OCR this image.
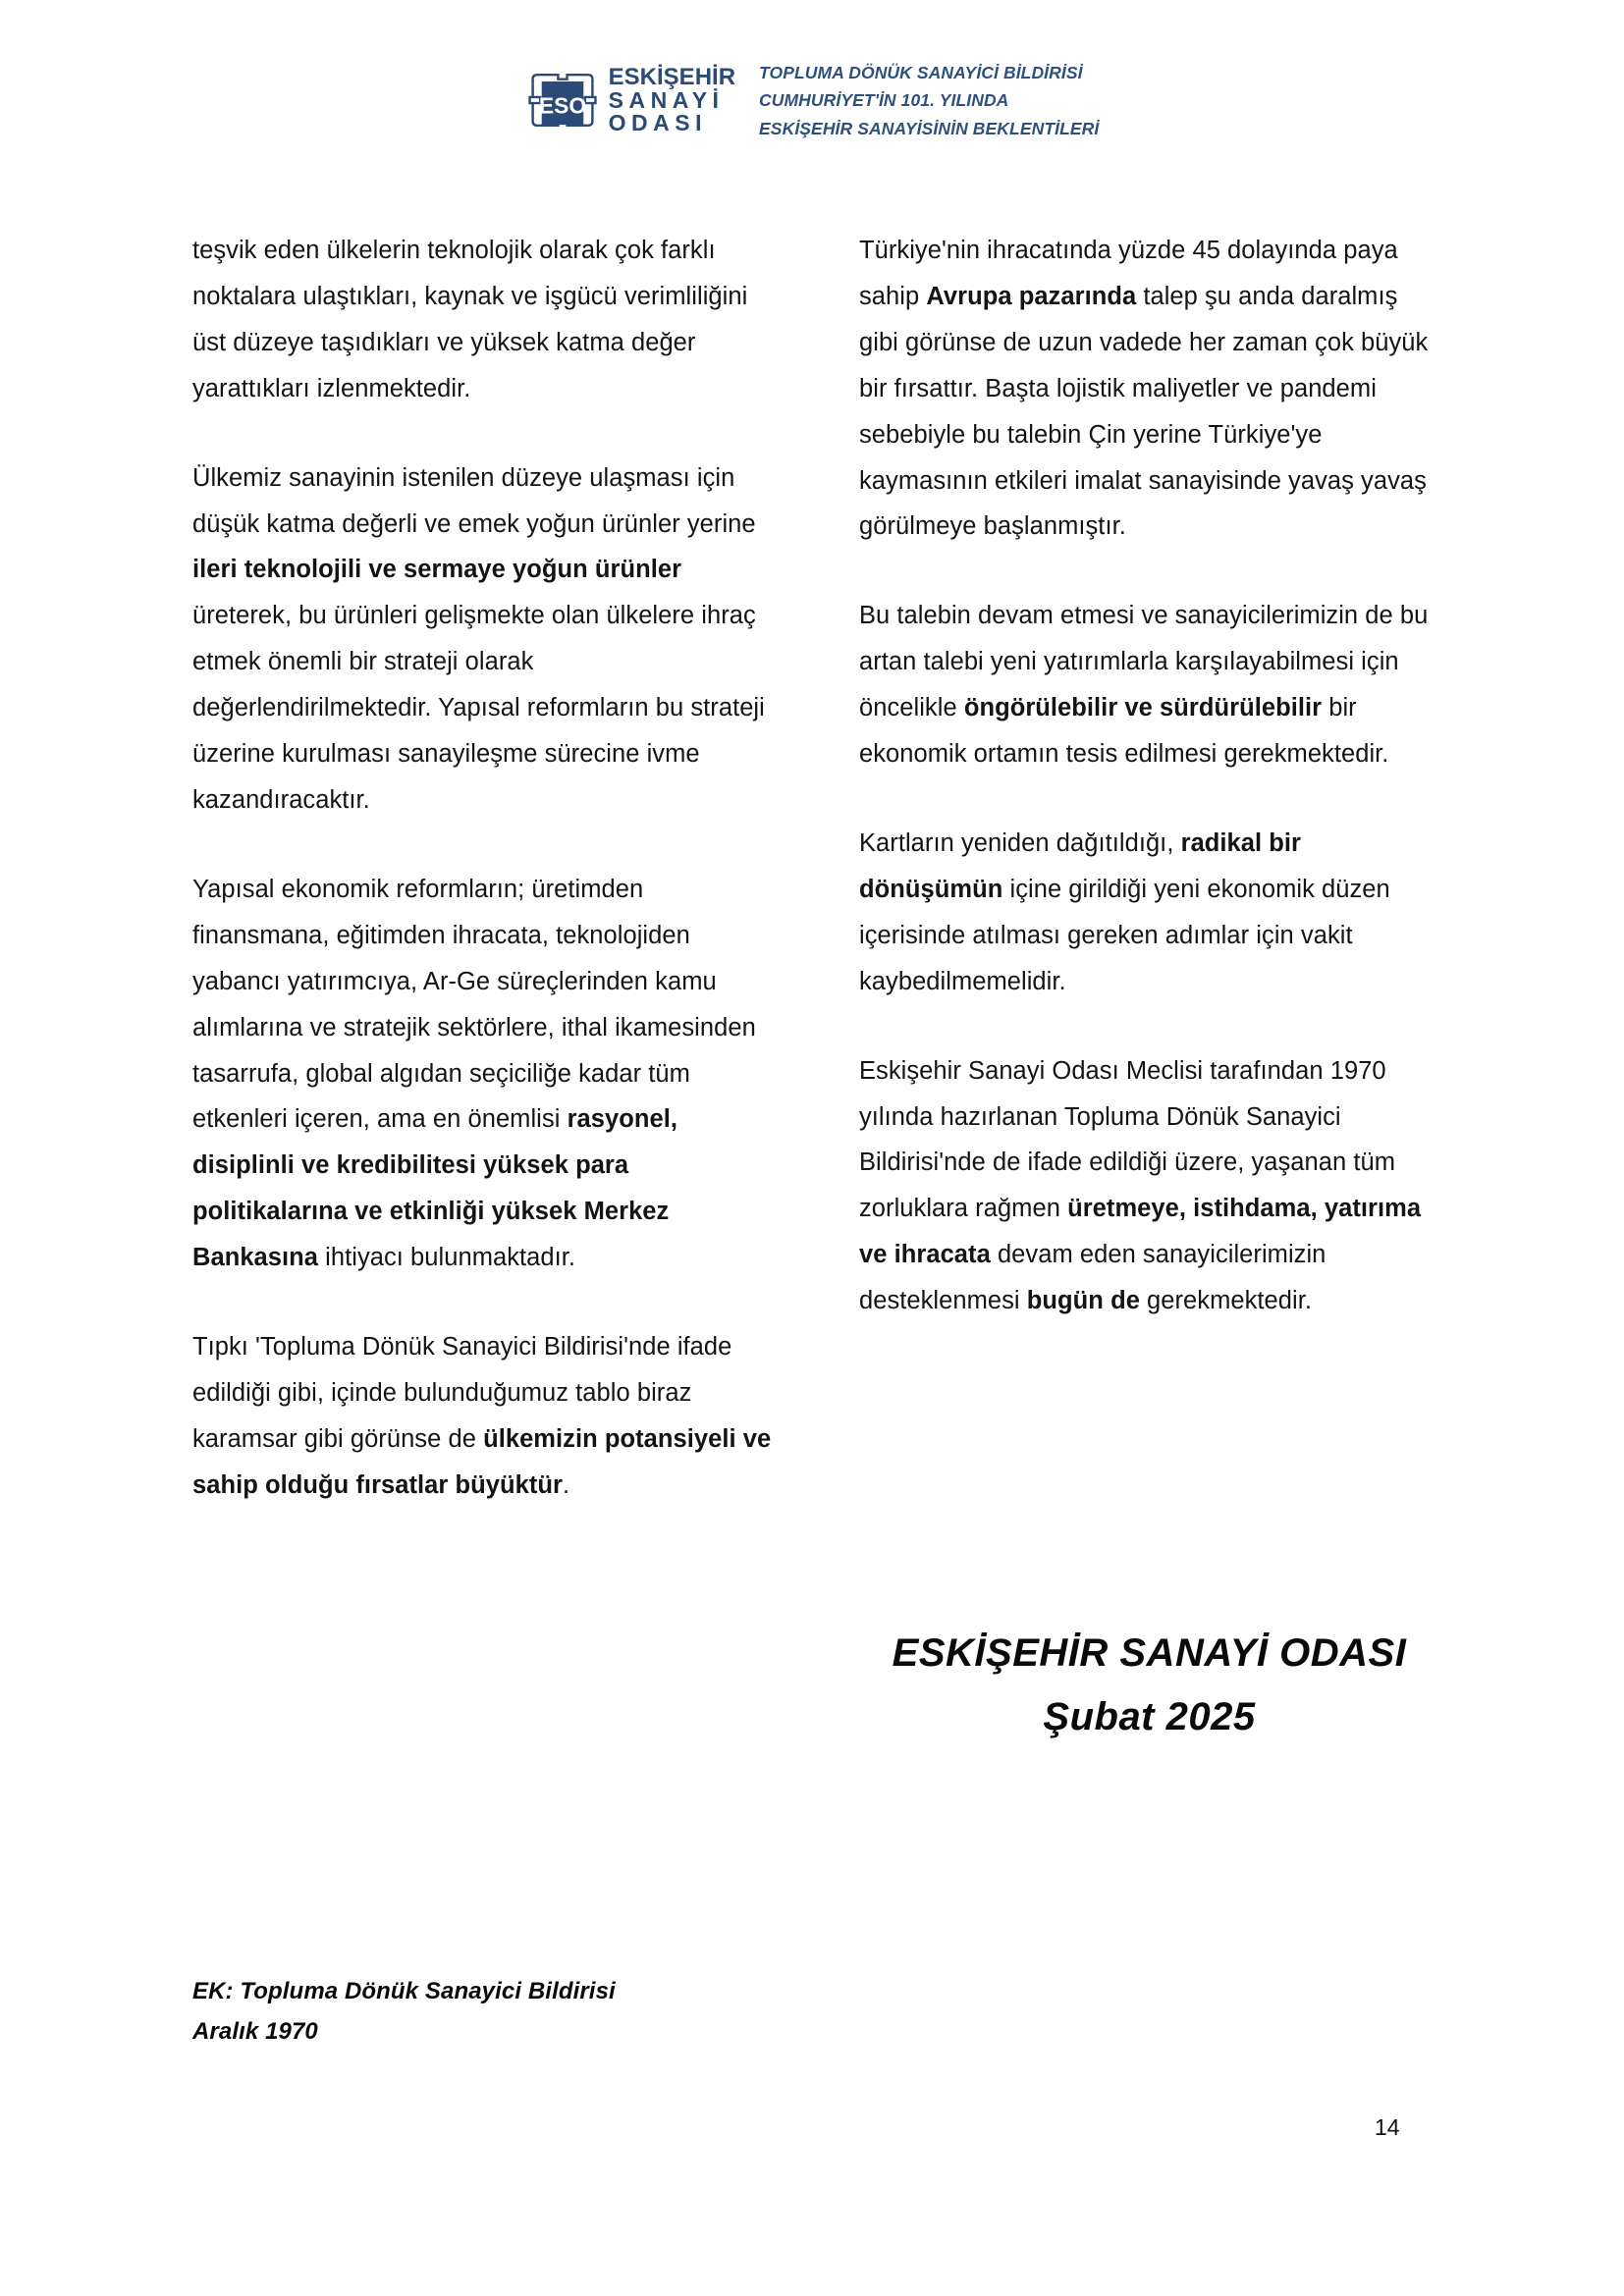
ESO
ESKİŞEHİR
SANAYİ
ODASI
TOPLUMA DÖNÜK SANAYİCİ BİLDİRİSİ
CUMHURİYET'İN 101. YILINDA
ESKİŞEHİR SANAYİSİNİN BEKLENTİLERİ

teşvik eden ülkelerin teknolojik olarak çok farklı noktalara ulaştıkları, kaynak ve işgücü verimliliğini üst düzeye taşıdıkları ve yüksek katma değer yarattıkları izlenmektedir.

Ülkemiz sanayinin istenilen düzeye ulaşması için düşük katma değerli ve emek yoğun ürünler yerine ileri teknolojili ve sermaye yoğun ürünler üreterek, bu ürünleri gelişmekte olan ülkelere ihraç etmek önemli bir strateji olarak değerlendirilmektedir. Yapısal reformların bu strateji üzerine kurulması sanayileşme sürecine ivme kazandıracaktır.

Yapısal ekonomik reformların; üretimden finansmana, eğitimden ihracata, teknolojiden yabancı yatırımcıya, Ar-Ge süreçlerinden kamu alımlarına ve stratejik sektörlere, ithal ikamesinden tasarrufa, global algıdan seçiciliğe kadar tüm etkenleri içeren, ama en önemlisi rasyonel, disiplinli ve kredibilitesi yüksek para politikalarına ve etkinliği yüksek Merkez Bankasına ihtiyacı bulunmaktadır.

Tıpkı 'Topluma Dönük Sanayici Bildirisi'nde ifade edildiği gibi, içinde bulunduğumuz tablo biraz karamsar gibi görünse de ülkemizin potansiyeli ve sahip olduğu fırsatlar büyüktür.

Türkiye'nin ihracatında yüzde 45 dolayında paya sahip Avrupa pazarında talep şu anda daralmış gibi görünse de uzun vadede her zaman çok büyük bir fırsattır. Başta lojistik maliyetler ve pandemi sebebiyle bu talebin Çin yerine Türkiye'ye kaymasının etkileri imalat sanayisinde yavaş yavaş görülmeye başlanmıştır.

Bu talebin devam etmesi ve sanayicilerimizin de bu artan talebi yeni yatırımlarla karşılayabilmesi için öncelikle öngörülebilir ve sürdürülebilir bir ekonomik ortamın tesis edilmesi gerekmektedir.

Kartların yeniden dağıtıldığı, radikal bir dönüşümün içine girildiği yeni ekonomik düzen içerisinde atılması gereken adımlar için vakit kaybedilmemelidir.

Eskişehir Sanayi Odası Meclisi tarafından 1970 yılında hazırlanan Topluma Dönük Sanayici Bildirisi'nde de ifade edildiği üzere, yaşanan tüm zorluklara rağmen üretmeye, istihdama, yatırıma ve ihracata devam eden sanayicilerimizin desteklenmesi bugün de gerekmektedir.

ESKİŞEHİR SANAYİ ODASI
Şubat 2025
EK: Topluma Dönük Sanayici Bildirisi
Aralık 1970
14
